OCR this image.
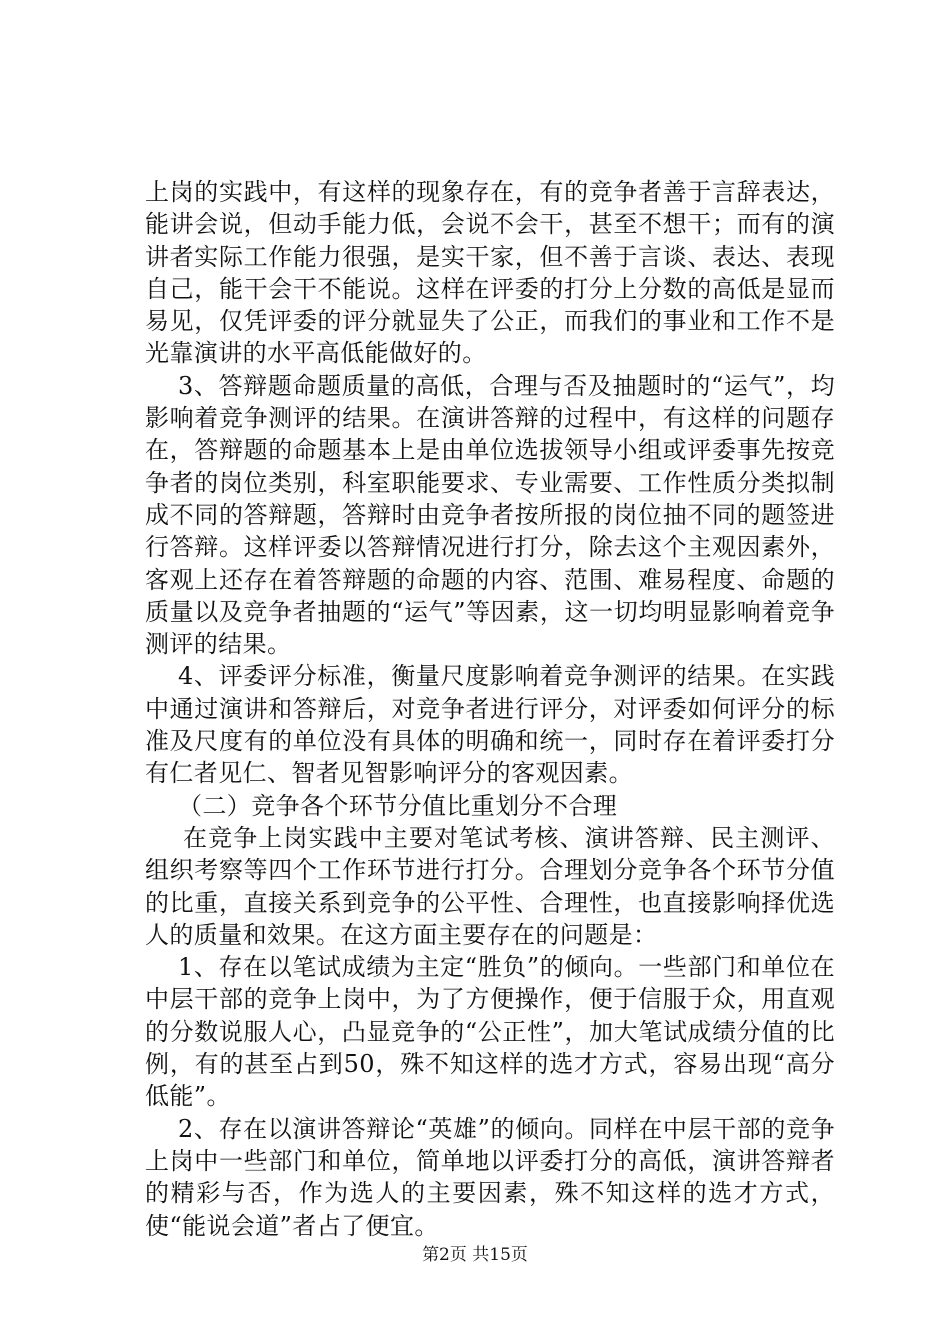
上岗的实践中，有这样的现象存在，有的竞争者善于言辞表达，能讲会说，但动手能力低，会说不会干，甚至不想干；而有的演讲者实际工作能力很强，是实干家，但不善于言谈、表达、表现自己，能干会干不能说。这样在评委的打分上分数的高低是显而易见，仅凭评委的评分就显失了公正，而我们的事业和工作不是光靠演讲的水平高低能做好的。

3、答辩题命题质量的高低，合理与否及抽题时的“运气”，均影响着竞争测评的结果。在演讲答辩的过程中，有这样的问题存在，答辩题的命题基本上是由单位选拔领导小组或评委事先按竞争者的岗位类别，科室职能要求、专业需要、工作性质分类拟制成不同的答辩题，答辩时由竞争者按所报的岗位抽不同的题签进行答辩。这样评委以答辩情况进行打分，除去这个主观因素外，客观上还存在着答辩题的命题的内容、范围、难易程度、命题的质量以及竞争者抽题的“运气”等因素，这一切均明显影响着竞争测评的结果。

4、评委评分标准，衡量尺度影响着竞争测评的结果。在实践中通过演讲和答辩后，对竞争者进行评分，对评委如何评分的标准及尺度有的单位没有具体的明确和统一，同时存在着评委打分有仁者见仁、智者见智影响评分的客观因素。

（二）竞争各个环节分值比重划分不合理

在竞争上岗实践中主要对笔试考核、演讲答辩、民主测评、组织考察等四个工作环节进行打分。合理划分竞争各个环节分值的比重，直接关系到竞争的公平性、合理性，也直接影响择优选人的质量和效果。在这方面主要存在的问题是：

1、存在以笔试成绩为主定“胜负”的倾向。一些部门和单位在中层干部的竞争上岗中，为了方便操作，便于信服于众，用直观的分数说服人心，凸显竞争的“公正性”，加大笔试成绩分值的比例，有的甚至占到50，殊不知这样的选才方式，容易出现“高分低能”。

2、存在以演讲答辩论“英雄”的倾向。同样在中层干部的竞争上岗中一些部门和单位，简单地以评委打分的高低，演讲答辩者的精彩与否，作为选人的主要因素，殊不知这样的选才方式，使“能说会道”者占了便宜。

第2页 共15页
